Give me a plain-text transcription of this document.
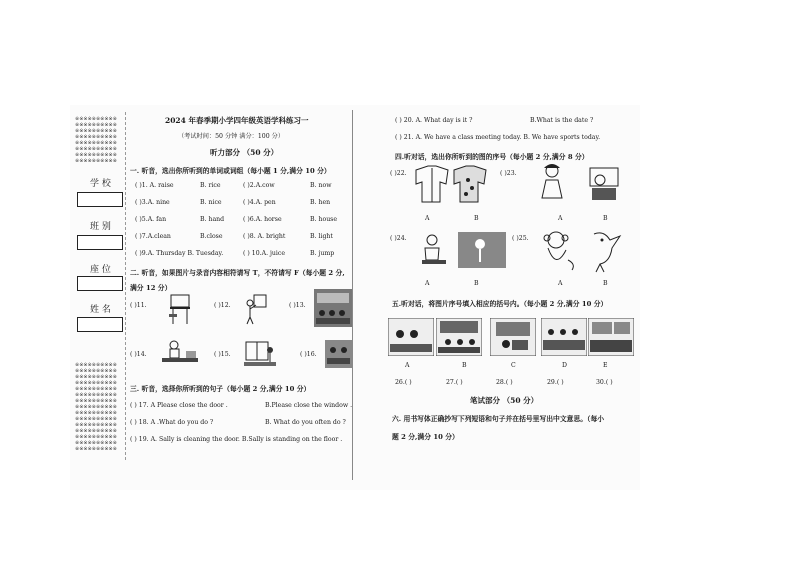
※※※※※※※※※※
※※※※※※※※※※
※※※※※※※※※※
※※※※※※※※※※
※※※※※※※※※※
※※※※※※※※※※
※※※※※※※※※※
※※※※※※※※※※
※※※※※※※※※※
※※※※※※※※※※
※※※※※※※※※※
※※※※※※※※※※
※※※※※※※※※※
※※※※※※※※※※
※※※※※※※※※※
※※※※※※※※※※
※※※※※※※※※※
※※※※※※※※※※
※※※※※※※※※※
※※※※※※※※※※
※※※※※※※※※※
※※※※※※※※※※
※※※※※※※※※※
学 校
班 别
座 位
姓 名
2024 年春季期小学四年级英语学科练习一
（考试时间：50 分钟 满分：100 分）
听力部分 （50 分）
一. 听音，选出你所听到的单词或词组（每小题 1 分,满分 10 分）
( )1. A. raise	B. rice	( )2.A.cow	B. now
( )3.A. nine	B. nice	( )4.A. pen	B. hen
( )5.A. fan	B. hand	( )6.A. horse	B. house
( )7.A.clean	B.close	( )8. A. bright	B. light
( )9.A. Thursday B. Tuesday.	( ) 10.A. juice	B. jump
二. 听音，如果图片与录音内容相符请写 T，不符请写 F（每小题 2 分,
满分 12 分）
( )11.	( )12.	( )13.
( )14.	( )15.	( )16.
三. 听音，选择你所听到的句子（每小题 2 分,满分 10 分）
( ) 17. A Please close the door .	B.Please close the window .
( ) 18. A .What do you do ?	B. What do you often do ?
( ) 19. A. Sally is cleaning the door. B.Sally is standing on the floor .
( ) 20. A. What day is it ?	B.What is the date ?
( ) 21. A. We have a class meeting today. B. We have sports today.
四.听对话，选出你所听到的图的序号（每小题 2 分,满分 8 分）
( )22.
A	B
( )23.
A	B
( )24.
A	B
( )25.
A	B
五.听对话，将图片序号填入相应的括号内。（每小题 2 分,满分 10 分）
A	B	C	D	E
26.( )	27.( )	28.( )	29.( )	30.( )
笔试部分 （50 分）
六. 用书写体正确抄写下列短语和句子并在括号里写出中文意思。（每小
题 2 分,满分 10 分）
